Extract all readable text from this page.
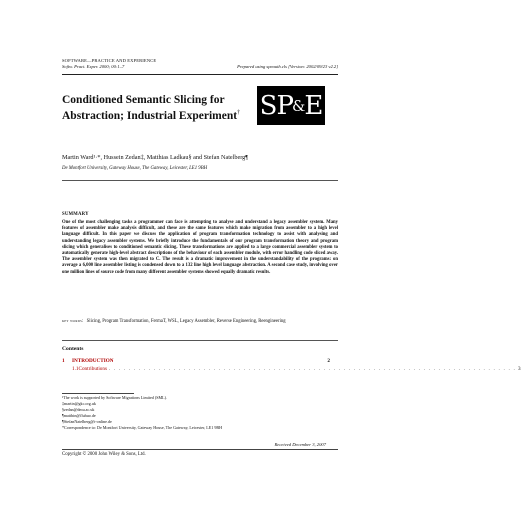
SOFTWARE—PRACTICE AND EXPERIENCE
Softw. Pract. Exper. 2000; 00:1–7	Prepared using speauth.cls [Version: 2002/09/23 v2.2]
Conditioned Semantic Slicing for Abstraction; Industrial Experiment† SP & E
Martin Ward¹·*, Hussein Zedan‡, Matthias Ladkau§ and Stefan Natelberg¶
De Montfort University, Gateway House, The Gateway, Leicester, LE1 9BH
SUMMARY
One of the most challenging tasks a programmer can face is attempting to analyse and understand a legacy assembler system. Many features of assembler make analysis difficult, and these are the same features which make migration from assembler to a high level language difficult. In this paper we discuss the application of program transformation technology to assist with analysing and understanding legacy assembler systems. We briefly introduce the fundamentals of our program transformation theory and program slicing which generalises to conditioned semantic slicing. These transformations are applied to a large commercial assembler system to automatically generate high-level abstract descriptions of the behaviour of each assembler module, with error handling code sliced away. The assembler system was then migrated to C. The result is a dramatic improvement in the understandability of the programs: on average a 6,000 line assembler listing is condensed down to a 132 line high level language abstraction. A second case study, involving over one million lines of source code from many different assembler systems showed equally dramatic results.
key words: Slicing, Program Transformation, FermaT, WSL, Legacy Assembler, Reverse Engineering, Reengineering
Contents
1	INTRODUCTION	2
1.1 Contributions . . . . . . . . . . . . . . . . . . . . . . . . . . . . . . . . . . . . . . . . . . . . . . . . . . . . . . . . . . . . . . . . . . . . . . . . . . . . . . . . . . 3
¹The work is supported by Software Migrations Limited (SML).
‡martin@gkc.org.uk
§zedan@dmu.ac.uk
¶mattbin@fluhuo.de
¶StefanNatelberg@t-online.de
*Correspondence to: De Montfort University, Gateway House, The Gateway, Leicester, LE1 9BH
Received December 3, 2007
Copyright © 2000 John Wiley & Sons, Ltd.
